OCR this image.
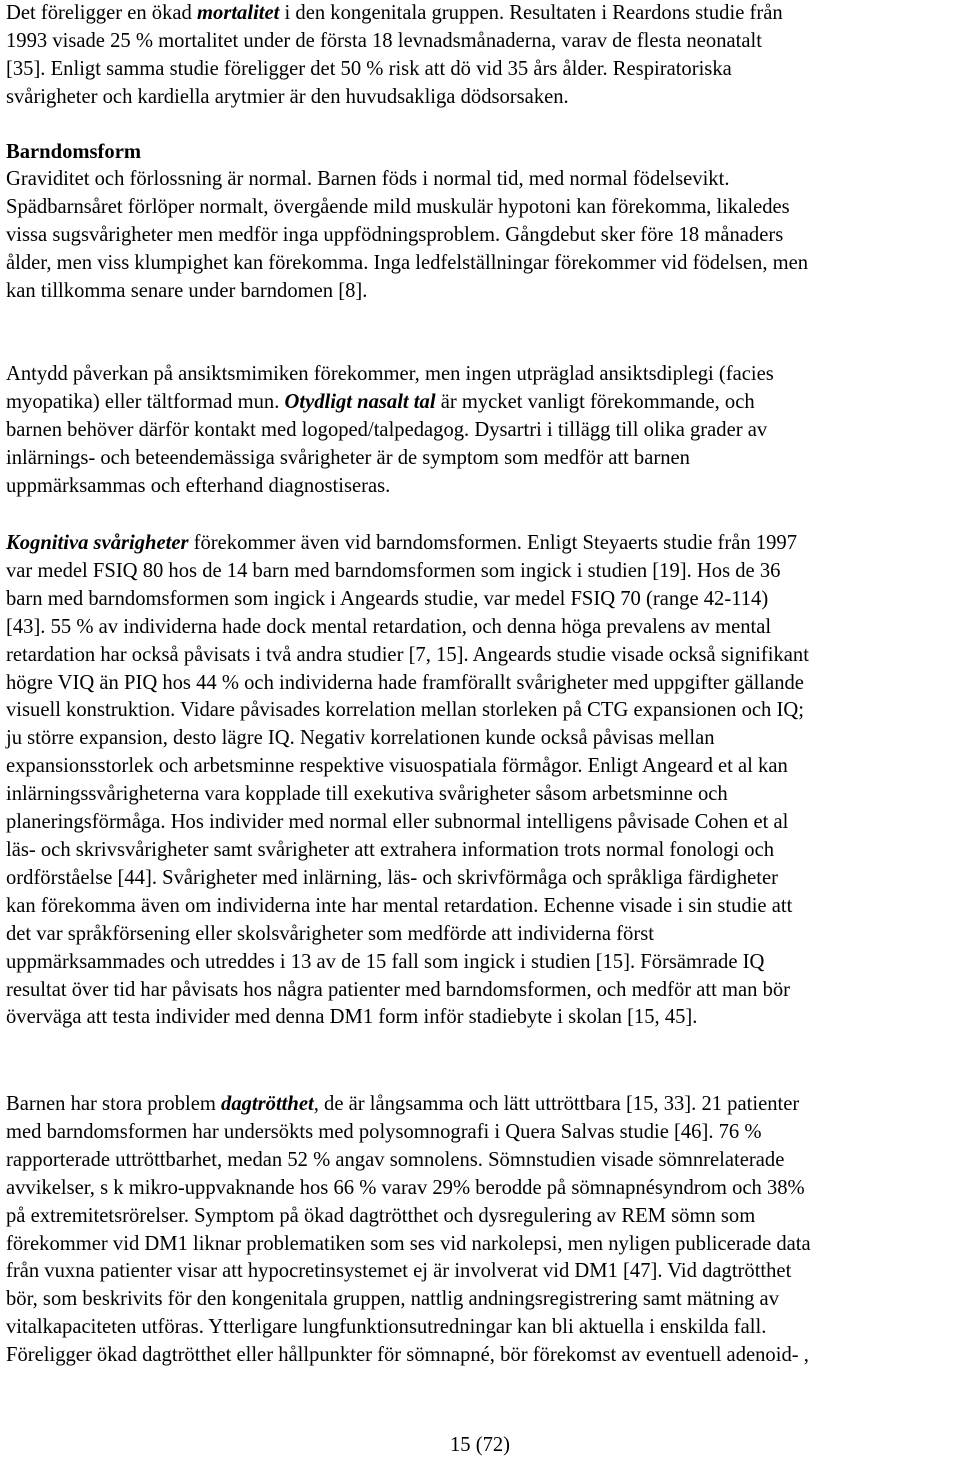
Det föreligger en ökad mortalitet i den kongenitala gruppen. Resultaten i Reardons studie från
1993 visade 25 % mortalitet under de första 18 levnadsmånaderna, varav de flesta neonatalt
[35]. Enligt samma studie föreligger det 50 % risk att dö vid 35 års ålder. Respiratoriska
svårigheter och kardiella arytmier är den huvudsakliga dödsorsaken.
Barndomsform
Graviditet och förlossning är normal. Barnen föds i normal tid, med normal födelsevikt.
Spädbarnsåret förlöper normalt, övergående mild muskulär hypotoni kan förekomma, likaledes
vissa sugsvårigheter men medför inga uppfödningsproblem. Gångdebut sker före 18 månaders
ålder, men viss klumpighet kan förekomma. Inga ledfelställningar förekommer vid födelsen, men
kan tillkomma senare under barndomen [8].
Antydd påverkan på ansiktsmimiken förekommer, men ingen utpräglad ansiktsdiplegi (facies
myopatika) eller tältformad mun. Otydligt nasalt tal är mycket vanligt förekommande, och
barnen behöver därför kontakt med logoped/talpedagog. Dysartri i tillägg till olika grader av
inlärnings- och beteendemässiga svårigheter är de symptom som medför att barnen
uppmärksammas och efterhand diagnostiseras.
Kognitiva svårigheter förekommer även vid barndomsformen. Enligt Steyaerts studie från 1997
var medel FSIQ 80 hos de 14 barn med barndomsformen som ingick i studien [19]. Hos de 36
barn med barndomsformen som ingick i Angeards studie, var medel FSIQ 70 (range 42-114)
[43]. 55 % av individerna hade dock mental retardation, och denna höga prevalens av mental
retardation har också påvisats i två andra studier [7, 15]. Angeards studie visade också signifikant
högre VIQ än PIQ hos 44 % och individerna hade framförallt svårigheter med uppgifter gällande
visuell konstruktion. Vidare påvisades korrelation mellan storleken på CTG expansionen och IQ;
ju större expansion, desto lägre IQ. Negativ korrelationen kunde också påvisas mellan
expansionsstorlek och arbetsminne respektive visuospatiala förmågor. Enligt Angeard et al kan
inlärningssvårigheterna vara kopplade till exekutiva svårigheter såsom arbetsminne och
planeringsförmåga. Hos individer med normal eller subnormal intelligens påvisade Cohen et al
läs- och skrivsvårigheter samt svårigheter att extrahera information trots normal fonologi och
ordförståelse [44]. Svårigheter med inlärning, läs- och skrivförmåga och språkliga färdigheter
kan förekomma även om individerna inte har mental retardation. Echenne visade i sin studie att
det var språkförsening eller skolsvårigheter som medförde att individerna först
uppmärksammades och utreddes i 13 av de 15 fall som ingick i studien [15]. Försämrade IQ
resultat över tid har påvisats hos några patienter med barndomsformen, och medför att man bör
överväga att testa individer med denna DM1 form inför stadiebyte i skolan [15, 45].
Barnen har stora problem dagtrötthet, de är långsamma och lätt uttröttbara [15, 33]. 21 patienter
med barndomsformen har undersökts med polysomnografi i Quera Salvas studie [46]. 76 %
rapporterade uttröttbarhet, medan 52 % angav somnolens. Sömnstudien visade sömnrelaterade
avvikelser, s k mikro-uppvaknande hos 66 % varav 29% berodde på sömnapnésyndrom och 38%
på extremitetsrörelser. Symptom på ökad dagtrötthet och dysregulering av REM sömn som
förekommer vid DM1 liknar problematiken som ses vid narkolepsi, men nyligen publicerade data
från vuxna patienter visar att hypocretinsystemet ej är involverat vid DM1 [47]. Vid dagtrötthet
bör, som beskrivits för den kongenitala gruppen, nattlig andningsregistrering samt mätning av
vitalkapaciteten utföras. Ytterligare lungfunktionsutredningar kan bli aktuella i enskilda fall.
Föreligger ökad dagtrötthet eller hållpunkter för sömnapné, bör förekomst av eventuell adenoid- ,
15 (72)
